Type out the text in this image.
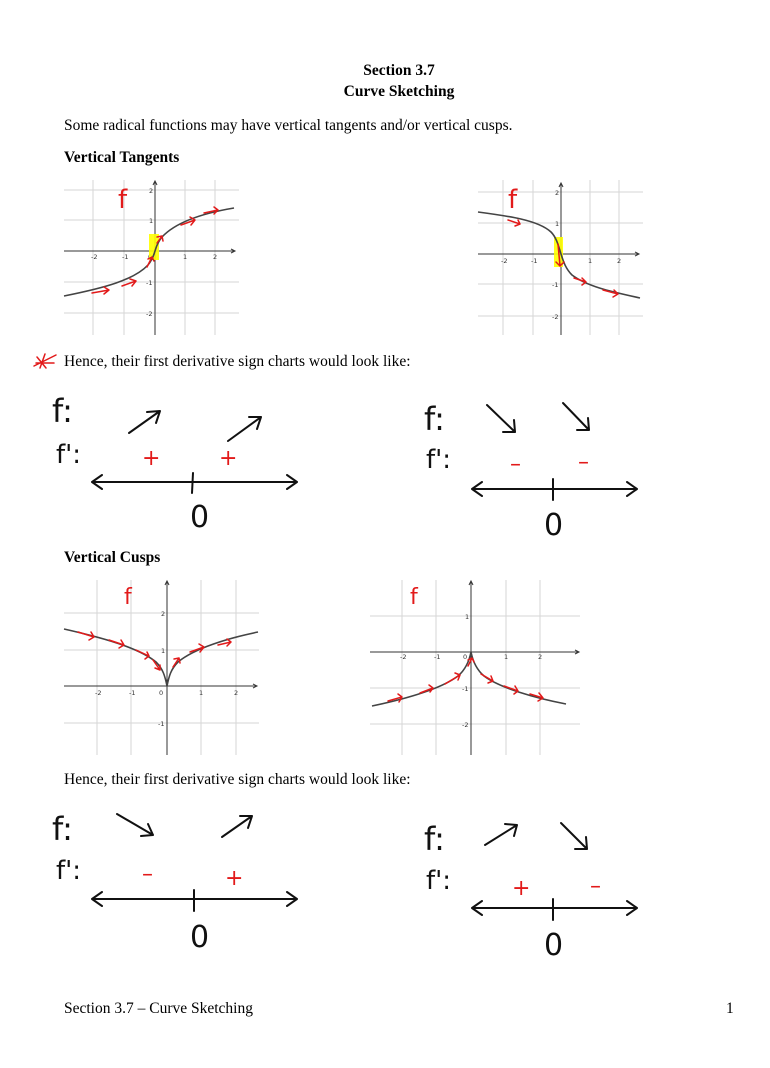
Section 3.7
Curve Sketching
Some radical functions may have vertical tangents and/or vertical cusps.
Vertical Tangents
-2	-1	1	2
2
1
-1
-2
f
-2	-1	1	2
2
1
-1
-2
f
Hence, their first derivative sign charts would look like:
f:
f':	+	+
0
f:
f':	–	–
0
Vertical Cusps
-2	-1	0	1	2
2
1
-1
f
-2	-1	0	1	2
1
-1
-2
f
Hence, their first derivative sign charts would look like:
f:
f':	–	+
0
f:
f':	+	–
0
Section 3.7 – Curve Sketching	1
